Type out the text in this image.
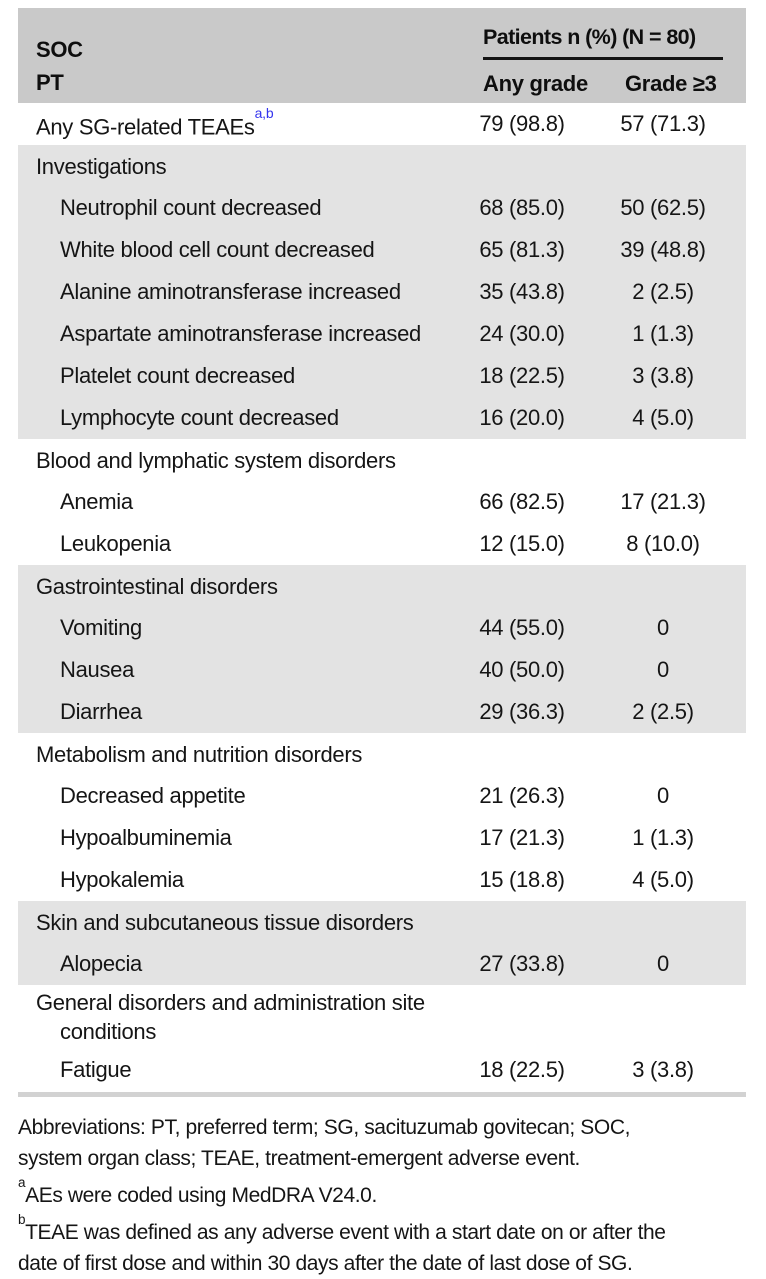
SOC
PT
Patients n (%) (N = 80)
Any grade Grade ≥3
Any SG-related TEAEs$^{a,b}$	79 (98.8)	57 (71.3)
Investigations
Neutrophil count decreased	68 (85.0)	50 (62.5)
White blood cell count decreased	65 (81.3)	39 (48.8)
Alanine aminotransferase increased	35 (43.8)	2 (2.5)
Aspartate aminotransferase increased	24 (30.0)	1 (1.3)
Platelet count decreased	18 (22.5)	3 (3.8)
Lymphocyte count decreased	16 (20.0)	4 (5.0)
Blood and lymphatic system disorders
Anemia	66 (82.5)	17 (21.3)
Leukopenia	12 (15.0)	8 (10.0)
Gastrointestinal disorders
Vomiting	44 (55.0)	0
Nausea	40 (50.0)	0
Diarrhea	29 (36.3)	2 (2.5)
Metabolism and nutrition disorders
Decreased appetite	21 (26.3)	0
Hypoalbuminemia	17 (21.3)	1 (1.3)
Hypokalemia	15 (18.8)	4 (5.0)
Skin and subcutaneous tissue disorders
Alopecia	27 (33.8)	0
General disorders and administration site conditions
Fatigue	18 (22.5)	3 (3.8)
Abbreviations: PT, preferred term; SG, sacituzumab govitecan; SOC,
system organ class; TEAE, treatment-emergent adverse event.
$^a$AEs were coded using MedDRA V24.0.
$^b$TEAE was defined as any adverse event with a start date on or after the
date of first dose and within 30 days after the date of last dose of SG.
